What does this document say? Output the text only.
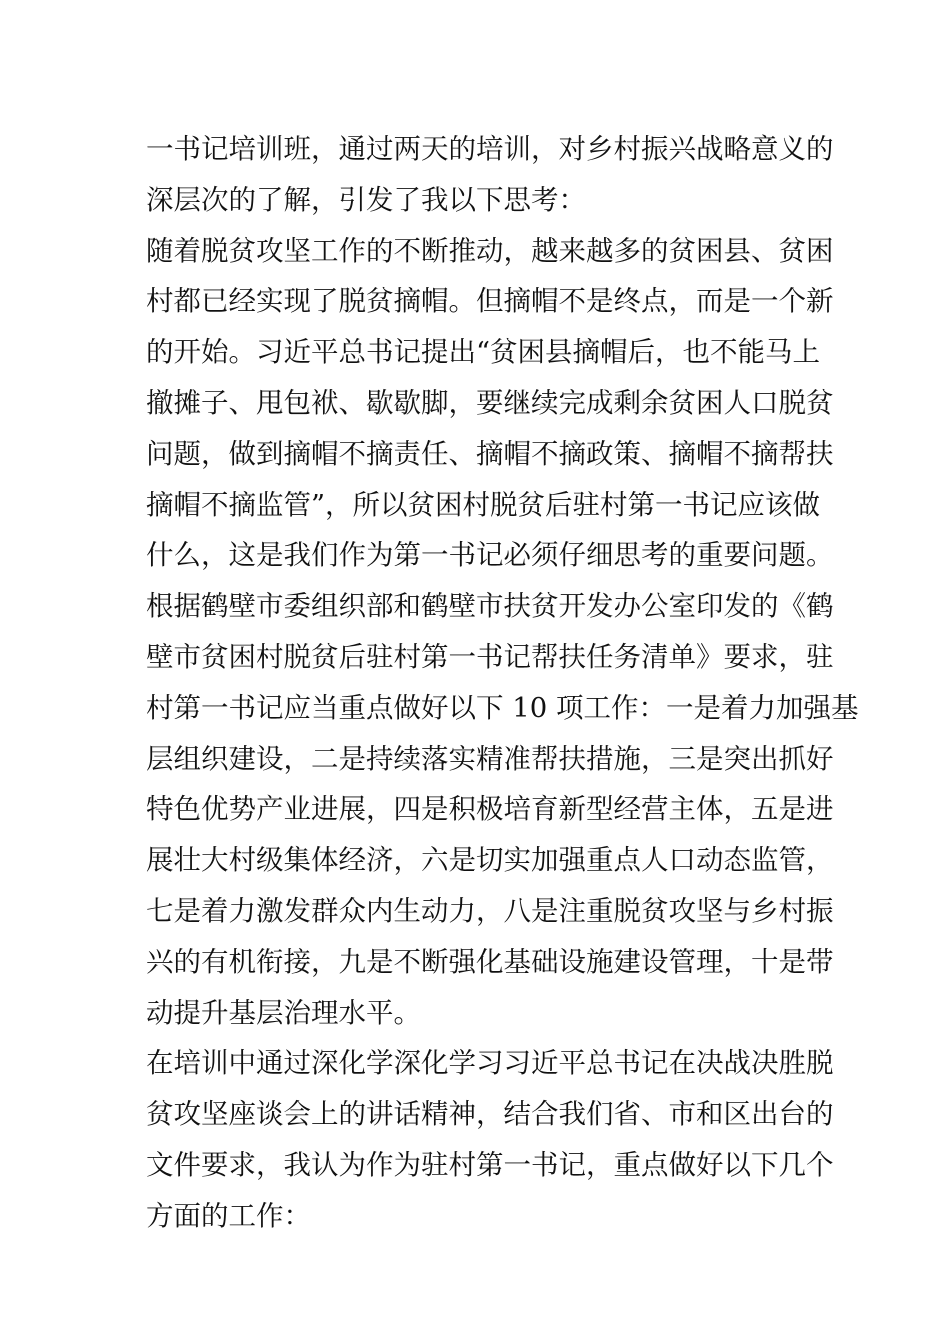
一书记培训班，通过两天的培训，对乡村振兴战略意义的
深层次的了解，引发了我以下思考：
随着脱贫攻坚工作的不断推动，越来越多的贫困县、贫困
村都已经实现了脱贫摘帽。但摘帽不是终点，而是一个新
的开始。习近平总书记提出“贫困县摘帽后，也不能马上
撤摊子、甩包袱、歇歇脚，要继续完成剩余贫困人口脱贫
问题，做到摘帽不摘责任、摘帽不摘政策、摘帽不摘帮扶
摘帽不摘监管”，所以贫困村脱贫后驻村第一书记应该做
什么，这是我们作为第一书记必须仔细思考的重要问题。
根据鹤壁市委组织部和鹤壁市扶贫开发办公室印发的《鹤
壁市贫困村脱贫后驻村第一书记帮扶任务清单》要求，驻
村第一书记应当重点做好以下 10 项工作：一是着力加强基
层组织建设，二是持续落实精准帮扶措施，三是突出抓好
特色优势产业进展，四是积极培育新型经营主体，五是进
展壮大村级集体经济，六是切实加强重点人口动态监管，
七是着力激发群众内生动力，八是注重脱贫攻坚与乡村振
兴的有机衔接，九是不断强化基础设施建设管理，十是带
动提升基层治理水平。
在培训中通过深化学深化学习习近平总书记在决战决胜脱
贫攻坚座谈会上的讲话精神，结合我们省、市和区出台的
文件要求，我认为作为驻村第一书记，重点做好以下几个
方面的工作：
